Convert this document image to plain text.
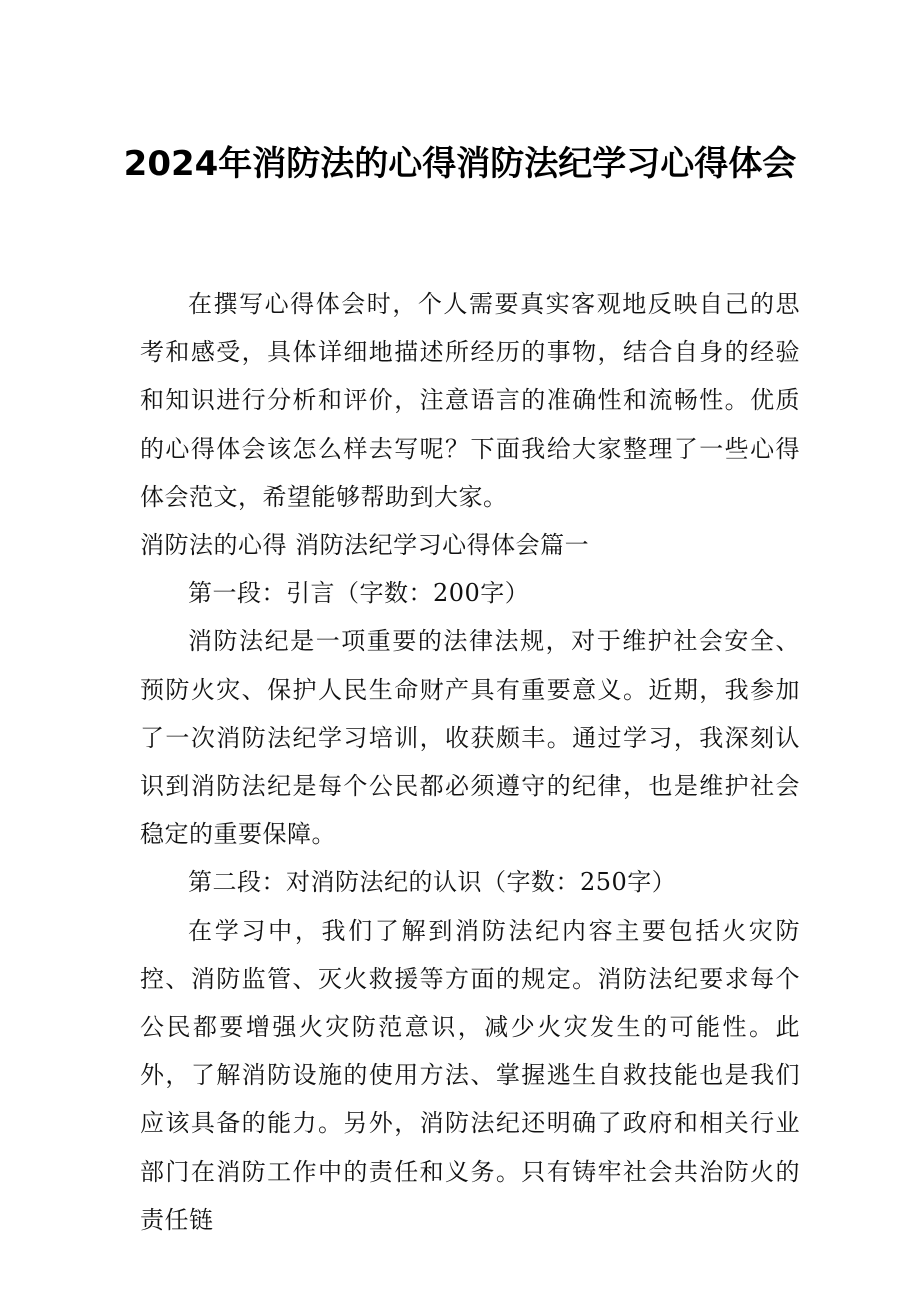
2024年消防法的心得消防法纪学习心得体会

在撰写心得体会时，个人需要真实客观地反映自己的思考和感受，具体详细地描述所经历的事物，结合自身的经验和知识进行分析和评价，注意语言的准确性和流畅性。优质的心得体会该怎么样去写呢？下面我给大家整理了一些心得体会范文，希望能够帮助到大家。

消防法的心得 消防法纪学习心得体会篇一

第一段：引言（字数：200字）

消防法纪是一项重要的法律法规，对于维护社会安全、预防火灾、保护人民生命财产具有重要意义。近期，我参加了一次消防法纪学习培训，收获颇丰。通过学习，我深刻认识到消防法纪是每个公民都必须遵守的纪律，也是维护社会稳定的重要保障。

第二段：对消防法纪的认识（字数：250字）

在学习中，我们了解到消防法纪内容主要包括火灾防控、消防监管、灭火救援等方面的规定。消防法纪要求每个公民都要增强火灾防范意识，减少火灾发生的可能性。此外，了解消防设施的使用方法、掌握逃生自救技能也是我们应该具备的能力。另外，消防法纪还明确了政府和相关行业部门在消防工作中的责任和义务。只有铸牢社会共治防火的责任链
